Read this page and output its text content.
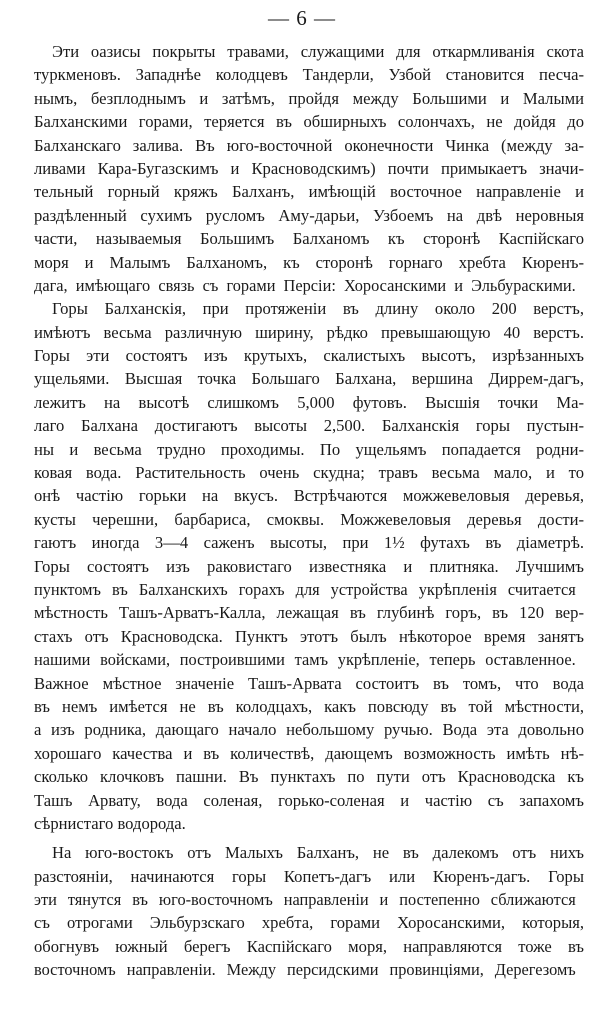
— 6 —
Эти оазисы покрыты травами, служащими для откармливанія скота
туркменовъ. Западнѣе колодцевъ Тандерли, Узбой становится песча-
нымъ, безплоднымъ и затѣмъ, пройдя между Большими и Малыми
Балханскими горами, теряется въ обширныхъ солончахъ, не дойдя до
Балханскаго залива. Въ юго-восточной оконечности Чинка (между за-
ливами Кара-Бугазскимъ и Красноводскимъ) почти примыкаетъ значи-
тельный горный кряжъ Балханъ, имѣющій восточное направленіе и
раздѣленный сухимъ русломъ Аму-дарьи, Узбоемъ на двѣ неровныя
части, называемыя Большимъ Балханомъ къ сторонѣ Каспійскаго
моря и Малымъ Балханомъ, къ сторонѣ горнаго хребта Кюренъ-
дага, имѣющаго связь съ горами Персіи: Хоросанскими и Эльбураскими.
Горы Балханскія, при протяженіи въ длину около 200 верстъ,
имѣютъ весьма различную ширину, рѣдко превышающую 40 верстъ.
Горы эти состоятъ изъ крутыхъ, скалистыхъ высотъ, изрѣзанныхъ
ущельями. Высшая точка Большаго Балхана, вершина Диррем-дагъ,
лежитъ на высотѣ слишкомъ 5,000 футовъ. Высшія точки Ма-
лаго Балхана достигаютъ высоты 2,500. Балханскія горы пустын-
ны и весьма трудно проходимы. По ущельямъ попадается родни-
ковая вода. Растительность очень скудна; травъ весьма мало, и то
онѣ частію горьки на вкусъ. Встрѣчаются можжевеловыя деревья,
кусты черешни, барбариса, смоквы. Можжевеловыя деревья дости-
гаютъ иногда 3—4 саженъ высоты, при 1½ футахъ въ діаметрѣ.
Горы состоятъ изъ раковистаго известняка и плитняка. Лучшимъ
пунктомъ въ Балханскихъ горахъ для устройства укрѣпленія считается
мѣстность Ташъ-Арватъ-Калла, лежащая въ глубинѣ горъ, въ 120 вер-
стахъ отъ Красноводска. Пунктъ этотъ былъ нѣкоторое время занятъ
нашими войсками, построившими тамъ укрѣпленіе, теперь оставленное.
Важное мѣстное значеніе Ташъ-Арвата состоитъ въ томъ, что вода
въ немъ имѣется не въ колодцахъ, какъ повсюду въ той мѣстности,
а изъ родника, дающаго начало небольшому ручью. Вода эта довольно
хорошаго качества и въ количествѣ, дающемъ возможность имѣть нѣ-
сколько клочковъ пашни. Въ пунктахъ по пути отъ Красноводска къ
Ташъ Арвату, вода соленая, горько-соленая и частію съ запахомъ
сѣрнистаго водорода.
На юго-востокъ отъ Малыхъ Балханъ, не въ далекомъ отъ нихъ
разстояніи, начинаются горы Копетъ-дагъ или Кюренъ-дагъ. Горы
эти тянутся въ юго-восточномъ направленіи и постепенно сближаются
съ отрогами Эльбурзскаго хребта, горами Хоросанскими, которыя,
обогнувъ южный берегъ Каспійскаго моря, направляются тоже въ
восточномъ направленіи. Между персидскими провинціями, Дерегезомъ
